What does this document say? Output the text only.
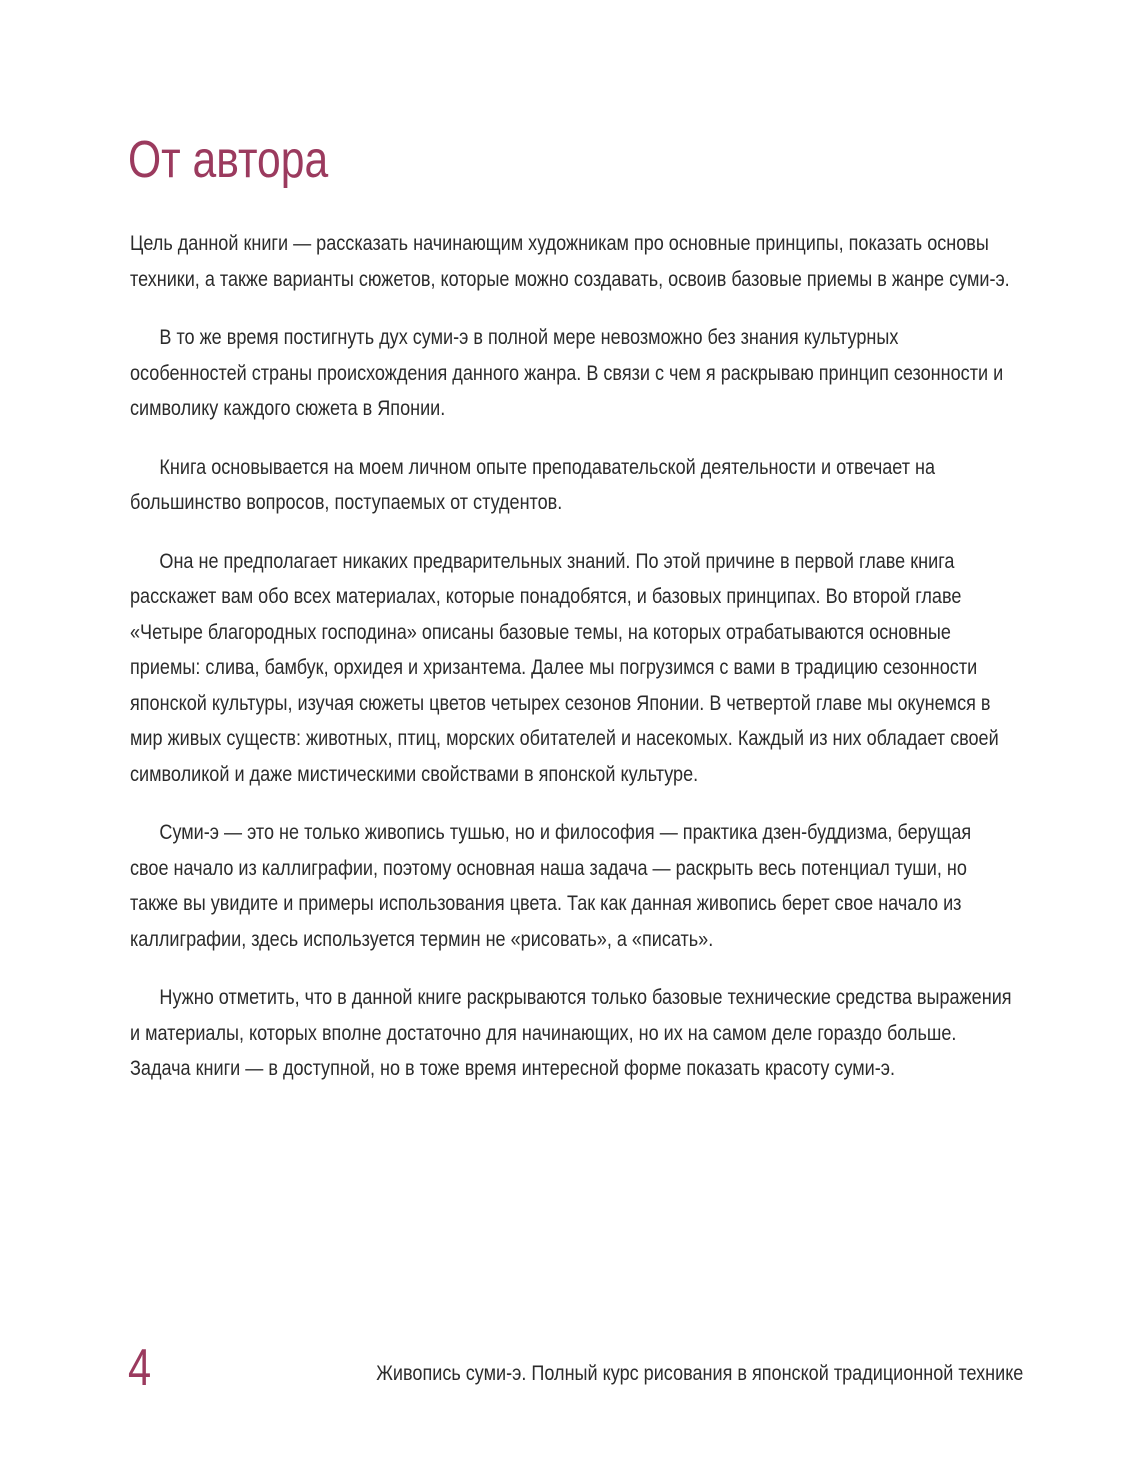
От автора

Цель данной книги — рассказать начинающим художникам про основные принципы, показать основы техники, а также варианты сюжетов, которые можно создавать, освоив базовые приемы в жанре суми-э.

В то же время постигнуть дух суми-э в полной мере невозможно без знания культурных особенностей страны происхождения данного жанра. В связи с чем я раскрываю принцип сезонности и символику каждого сюжета в Японии.

Книга основывается на моем личном опыте преподавательской деятельности и отвечает на большинство вопросов, поступаемых от студентов.

Она не предполагает никаких предварительных знаний. По этой причине в первой главе книга расскажет вам обо всех материалах, которые понадобятся, и базовых принципах. Во второй главе «Четыре благородных господина» описаны базовые темы, на которых отрабатываются основные приемы: слива, бамбук, орхидея и хризантема. Далее мы погрузимся с вами в традицию сезонности японской культуры, изучая сюжеты цветов четырех сезонов Японии. В четвертой главе мы окунемся в мир живых существ: животных, птиц, морских обитателей и насекомых. Каждый из них обладает своей символикой и даже мистическими свойствами в японской культуре.

Суми-э — это не только живопись тушью, но и философия — практика дзен-буддизма, берущая свое начало из каллиграфии, поэтому основная наша задача — раскрыть весь потенциал туши, но также вы увидите и примеры использования цвета. Так как данная живопись берет свое начало из каллиграфии, здесь используется термин не «рисовать», а «писать».

Нужно отметить, что в данной книге раскрываются только базовые технические средства выражения и материалы, которых вполне достаточно для начинающих, но их на самом деле гораздо больше. Задача книги — в доступной, но в тоже время интересной форме показать красоту суми-э.

4	Живопись суми-э. Полный курс рисования в японской традиционной технике
